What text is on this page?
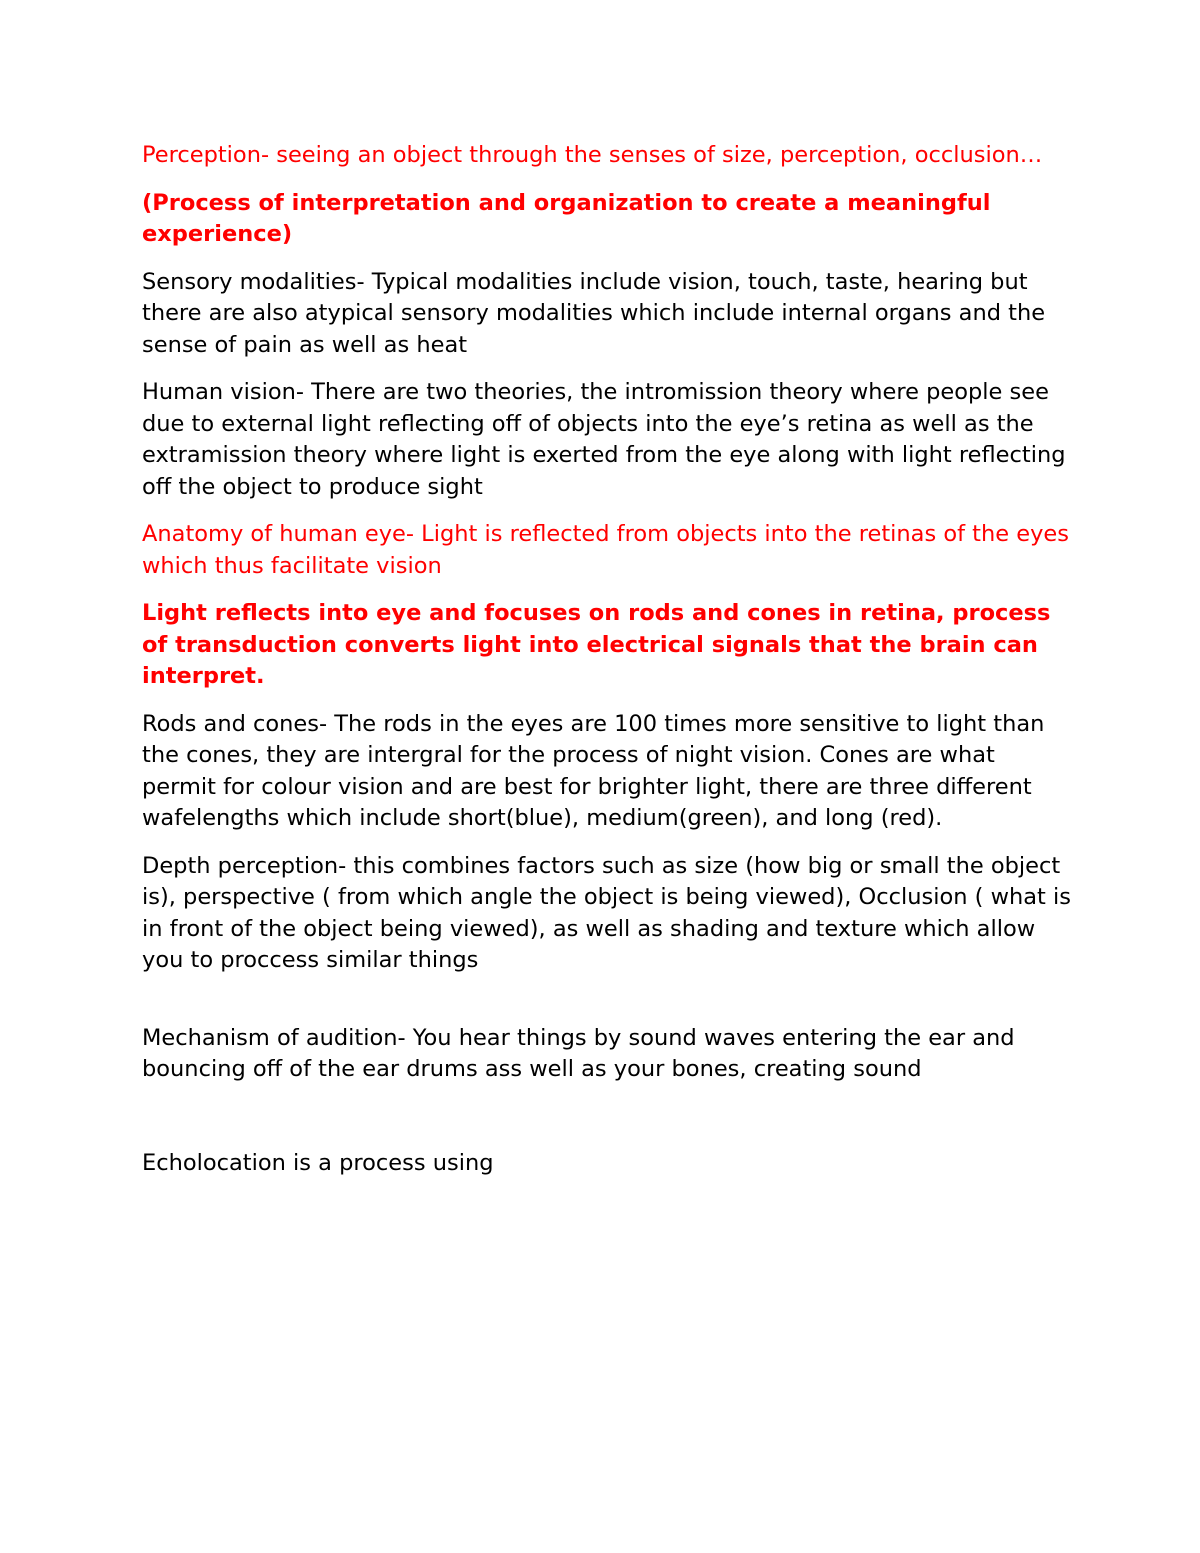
Perception- seeing an object through the senses of size, perception, occlusion…

(Process of interpretation and organization to create a meaningful experience)

Sensory modalities- Typical modalities include vision, touch, taste, hearing but there are also atypical sensory modalities which include internal organs and the sense of pain as well as heat

Human vision- There are two theories, the intromission theory where people see due to external light reflecting off of objects into the eye’s retina as well as the extramission theory where light is exerted from the eye along with light reflecting off the object to produce sight

Anatomy of human eye- Light is reflected from objects into the retinas of the eyes which thus facilitate vision

Light reflects into eye and focuses on rods and cones in retina, process of transduction converts light into electrical signals that the brain can interpret.

Rods and cones- The rods in the eyes are 100 times more sensitive to light than the cones, they are intergral for the process of night vision. Cones are what permit for colour vision and are best for brighter light, there are three different wafelengths which include short(blue), medium(green), and long (red).

Depth perception- this combines factors such as size (how big or small the object is), perspective ( from which angle the object is being viewed), Occlusion ( what is in front of the object being viewed), as well as shading and texture which allow you to proccess similar things

Mechanism of audition- You hear things by sound waves entering the ear and bouncing off of the ear drums ass well as your bones, creating sound

Echolocation is a process using
